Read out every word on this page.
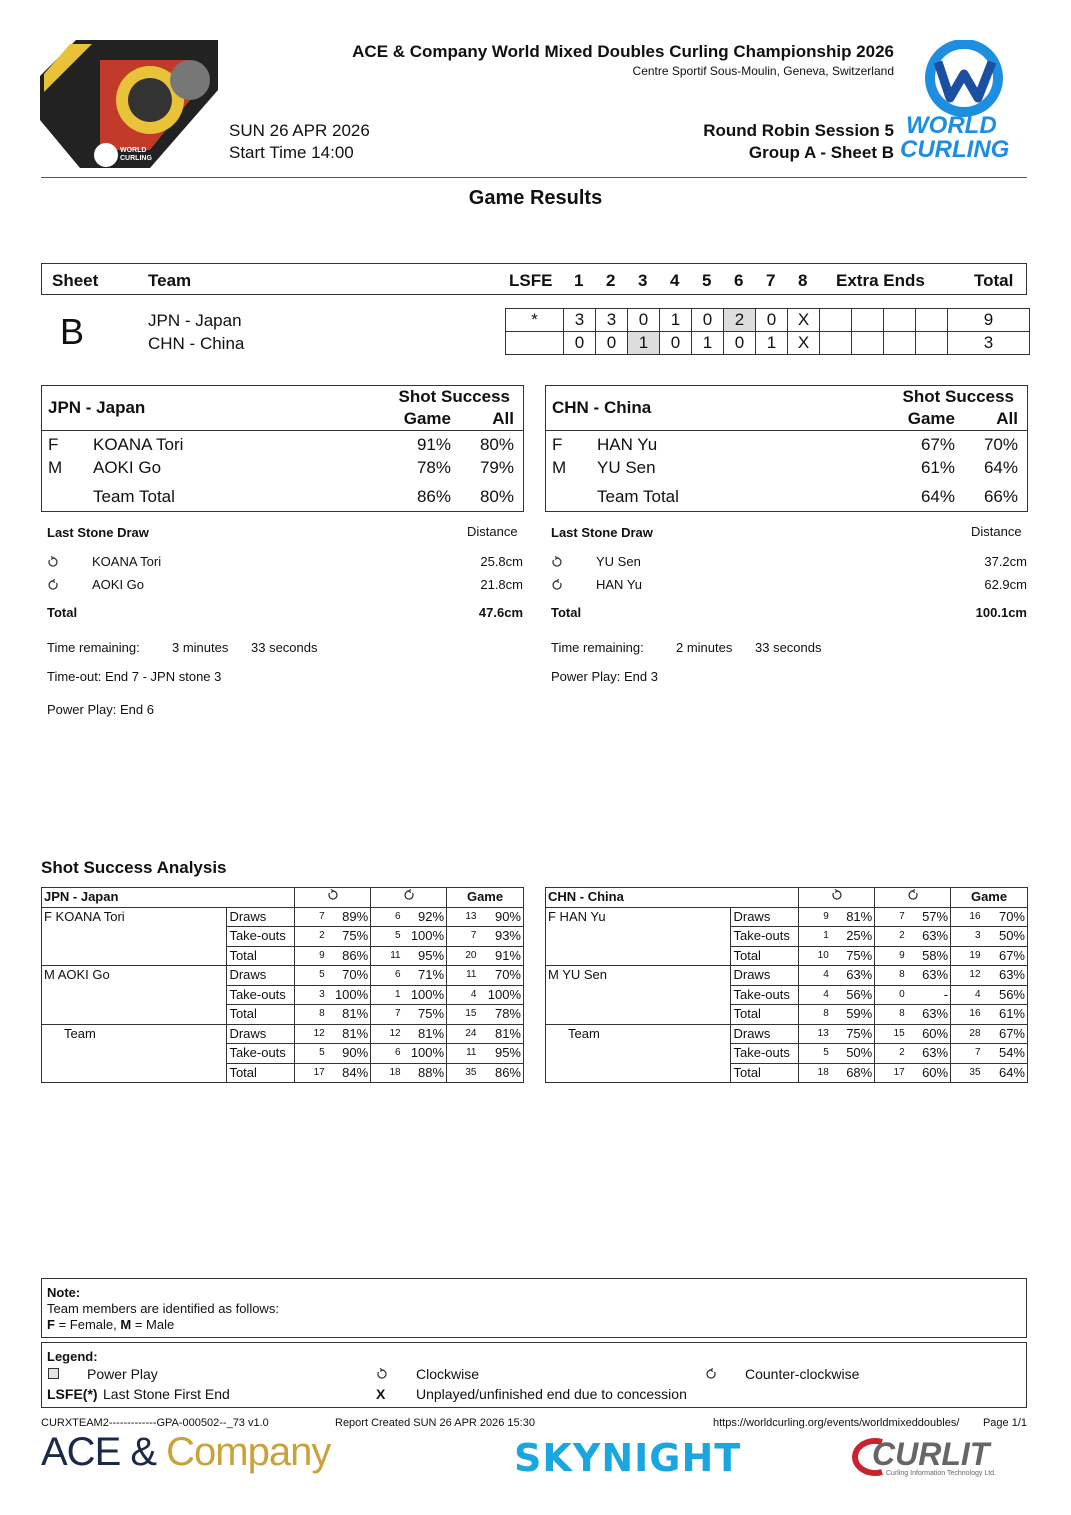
WORLD CURLING
ACE & Company World Mixed Doubles Curling Championship 2026
Centre Sportif Sous-Moulin, Geneva, Switzerland
SUN 26 APR 2026
Start Time 14:00
Round Robin Session 5
Group A - Sheet B
WORLD
CURLING
Game Results
Sheet	Team	LSFE 1 2 3 4 5 6 7 8 Extra Ends	Total
B	JPN - Japan
CHN - China
*	3	3	0	1	0	2	0	X					9
	0	0	1	0	1	0	1	X					3
JPN - Japan
Shot Success
Game All
F KOANA Tori	91% 80%
M AOKI Go	78% 79%
Team Total	86% 80%
CHN - China
Shot Success
Game All
F HAN Yu	67% 70%
M YU Sen	61% 64%
Team Total	64% 66%
Last Stone Draw	Distance
KOANA Tori	25.8cm
AOKI Go	21.8cm
Total	47.6cm
Time remaining: 3 minutes 33 seconds
Time-out: End 7 - JPN stone 3
Power Play: End 6
Last Stone Draw	Distance
YU Sen	37.2cm
HAN Yu	62.9cm
Total	100.1cm
Time remaining: 2 minutes 33 seconds
Power Play: End 3
Shot Success Analysis
JPN - Japan						Game	
F KOANA Tori	Draws	7	89%	6	92%	13	90%
	Take-outs	2	75%	5	100%	7	93%
	Total	9	86%	11	95%	20	91%
M AOKI Go	Draws	5	70%	6	71%	11	70%
	Take-outs	3	100%	1	100%	4	100%
	Total	8	81%	7	75%	15	78%
Team	Draws	12	81%	12	81%	24	81%
	Take-outs	5	90%	6	100%	11	95%
	Total	17	84%	18	88%	35	86%
CHN - China						Game	
F HAN Yu	Draws	9	81%	7	57%	16	70%
	Take-outs	1	25%	2	63%	3	50%
	Total	10	75%	9	58%	19	67%
M YU Sen	Draws	4	63%	8	63%	12	63%
	Take-outs	4	56%	0	-	4	56%
	Total	8	59%	8	63%	16	61%
Team	Draws	13	75%	15	60%	28	67%
	Take-outs	5	50%	2	63%	7	54%
	Total	18	68%	17	60%	35	64%
Note:
Team members are identified as follows:
F = Female, M = Male
Legend:
Power Play	Clockwise	Counter-clockwise
LSFE(*) Last Stone First End	X Unplayed/unfinished end due to concession
CURXTEAM2-------------GPA-000502--_73 v1.0	Report Created SUN 26 APR 2026 15:30	https://worldcurling.org/events/worldmixeddoubles/ Page 1/1
ACE & Company	SKYNIGHT	CURLIT
Curling Information Technology Ltd.
